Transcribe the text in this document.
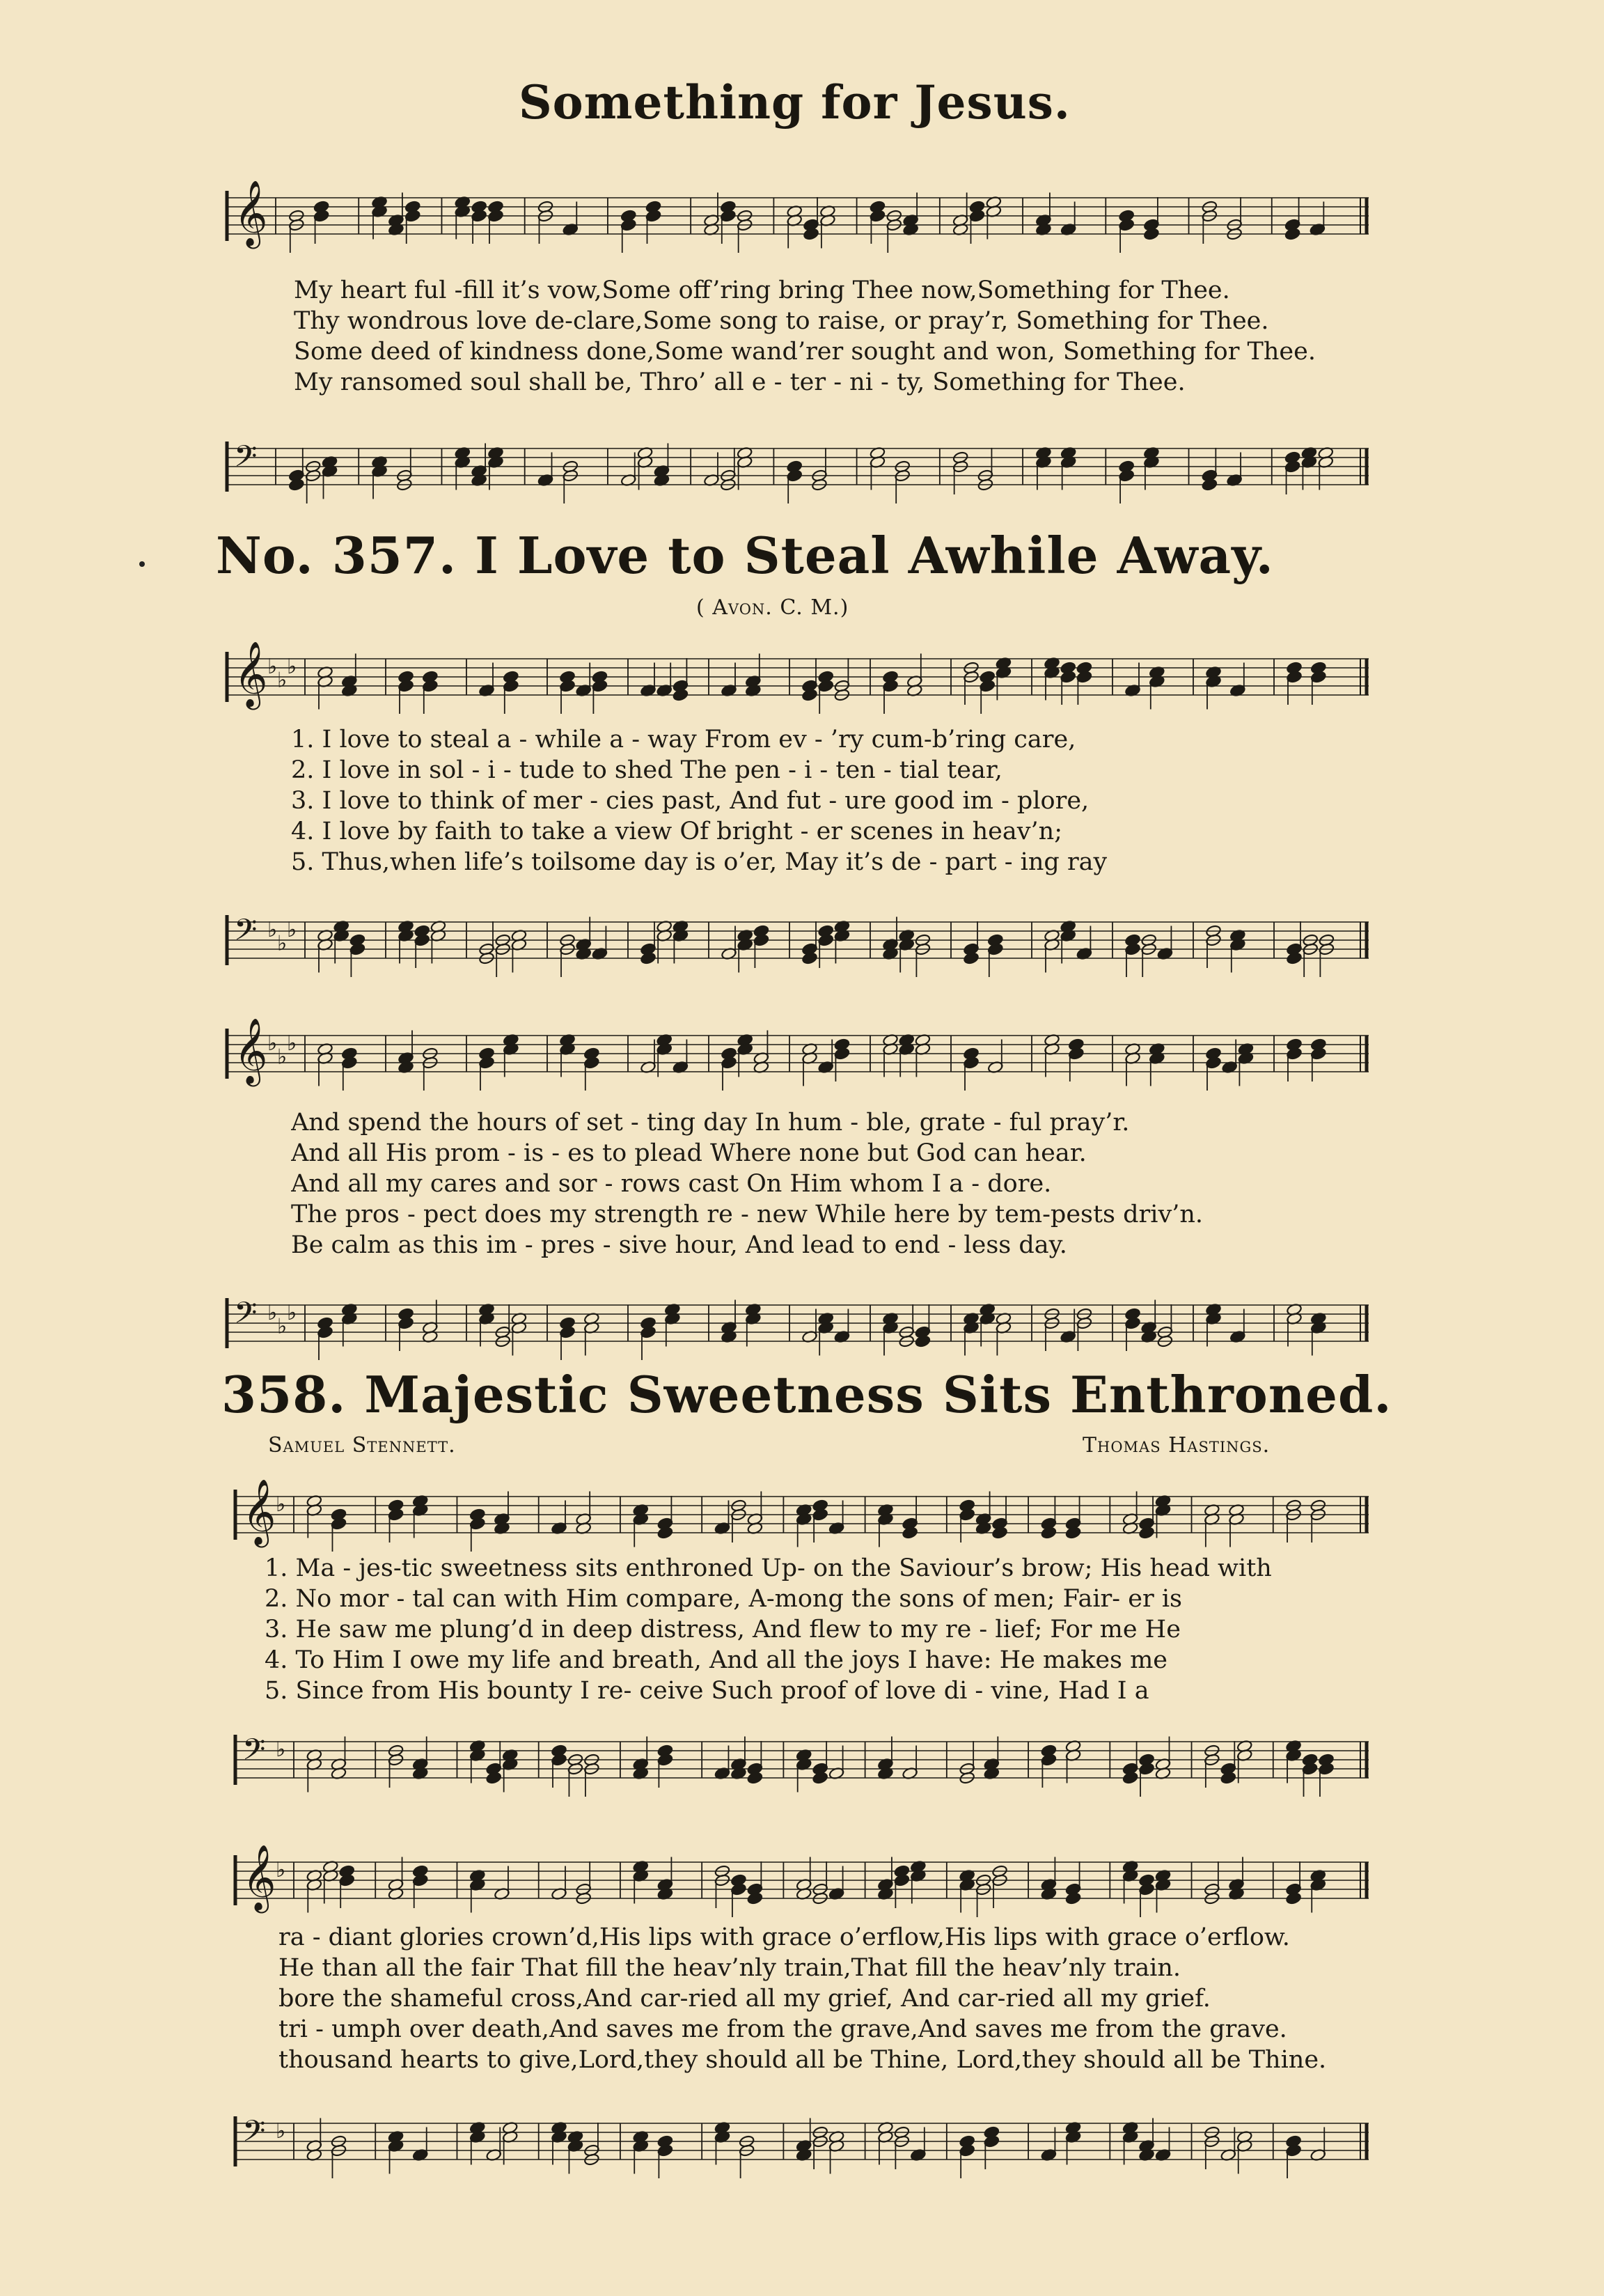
Something for Jesus.
𝄞
My heart ful -fill it’s vow,Some off’ring bring Thee now,Something for Thee.
Thy wondrous love de-clare,Some song to raise, or pray’r, Something for Thee.
Some deed of kindness done,Some wand’rer sought and won, Something for Thee.
My ransomed soul shall be, Thro’ all e - ter - ni - ty, Something for Thee.
𝄢
No. 357. I Love to Steal Awhile Away.
( Avon. C. M.)
𝄞 ♭
♭
♭
1. I love to steal a - while a - way From ev - ’ry cum-b’ring care,
2. I love in sol - i - tude to shed The pen - i - ten - tial tear,
3. I love to think of mer - cies past, And fut - ure good im - plore,
4. I love by faith to take a view Of bright - er scenes in heav’n;
5. Thus,when life’s toilsome day is o’er, May it’s de - part - ing ray
𝄢 ♭
♭
♭
𝄞 ♭
♭
♭
And spend the hours of set - ting day In hum - ble, grate - ful pray’r.
And all His prom - is - es to plead Where none but God can hear.
And all my cares and sor - rows cast On Him whom I a - dore.
The pros - pect does my strength re - new While here by tem-pests driv’n.
Be calm as this im - pres - sive hour, And lead to end - less day.
𝄢 ♭
♭
♭
358. Majestic Sweetness Sits Enthroned.
Samuel Stennett.	Thomas Hastings.
𝄞 ♭
1. Ma - jes-tic sweetness sits enthroned Up- on the Saviour’s brow; His head with
2. No mor - tal can with Him compare, A-mong the sons of men; Fair- er is
3. He saw me plung’d in deep distress, And flew to my re - lief; For me He
4. To Him I owe my life and breath, And all the joys I have: He makes me
5. Since from His bounty I re- ceive Such proof of love di - vine, Had I a
𝄢 ♭
𝄞 ♭
ra - diant glories crown’d,His lips with grace o’erflow,His lips with grace o’erflow.
He than all the fair That fill the heav’nly train,That fill the heav’nly train.
bore the shameful cross,And car-ried all my grief, And car-ried all my grief.
tri - umph over death,And saves me from the grave,And saves me from the grave.
thousand hearts to give,Lord,they should all be Thine, Lord,they should all be Thine.
𝄢 ♭
